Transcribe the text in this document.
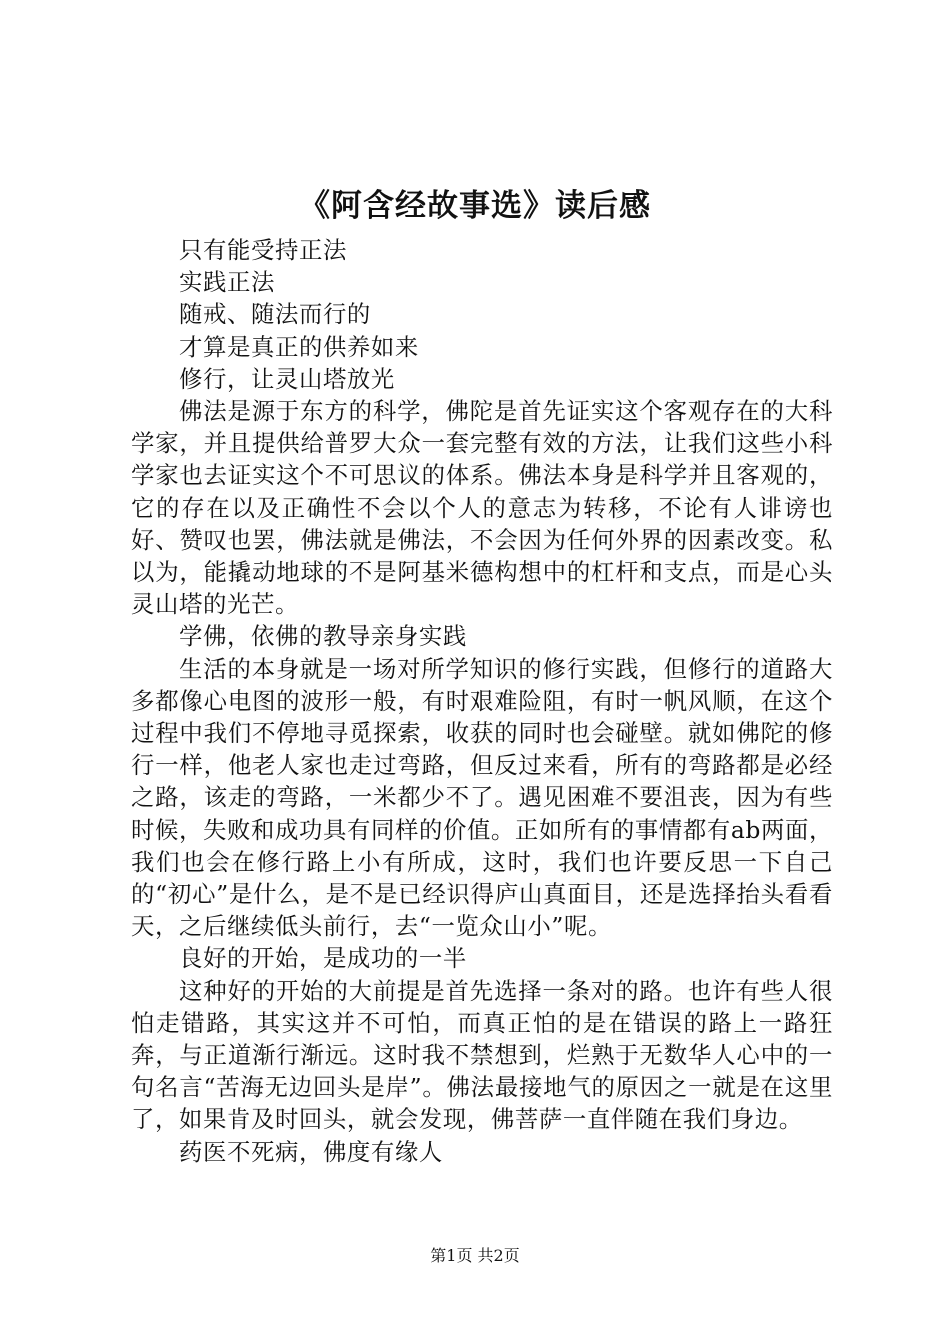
《阿含经故事选》读后感

只有能受持正法

实践正法

随戒、随法而行的

才算是真正的供养如来

修行，让灵山塔放光

佛法是源于东方的科学，佛陀是首先证实这个客观存在的大科学家，并且提供给普罗大众一套完整有效的方法，让我们这些小科学家也去证实这个不可思议的体系。佛法本身是科学并且客观的，它的存在以及正确性不会以个人的意志为转移，不论有人诽谤也好、赞叹也罢，佛法就是佛法，不会因为任何外界的因素改变。私以为，能撬动地球的不是阿基米德构想中的杠杆和支点，而是心头灵山塔的光芒。

学佛，依佛的教导亲身实践

生活的本身就是一场对所学知识的修行实践，但修行的道路大多都像心电图的波形一般，有时艰难险阻，有时一帆风顺，在这个过程中我们不停地寻觅探索，收获的同时也会碰壁。就如佛陀的修行一样，他老人家也走过弯路，但反过来看，所有的弯路都是必经之路，该走的弯路，一米都少不了。遇见困难不要沮丧，因为有些时候，失败和成功具有同样的价值。正如所有的事情都有ab两面，我们也会在修行路上小有所成，这时，我们也许要反思一下自己的“初心”是什么，是不是已经识得庐山真面目，还是选择抬头看看天，之后继续低头前行，去“一览众山小”呢。

良好的开始，是成功的一半

这种好的开始的大前提是首先选择一条对的路。也许有些人很怕走错路，其实这并不可怕，而真正怕的是在错误的路上一路狂奔，与正道渐行渐远。这时我不禁想到，烂熟于无数华人心中的一句名言“苦海无边回头是岸”。佛法最接地气的原因之一就是在这里了，如果肯及时回头，就会发现，佛菩萨一直伴随在我们身边。

药医不死病，佛度有缘人

第1页 共2页
